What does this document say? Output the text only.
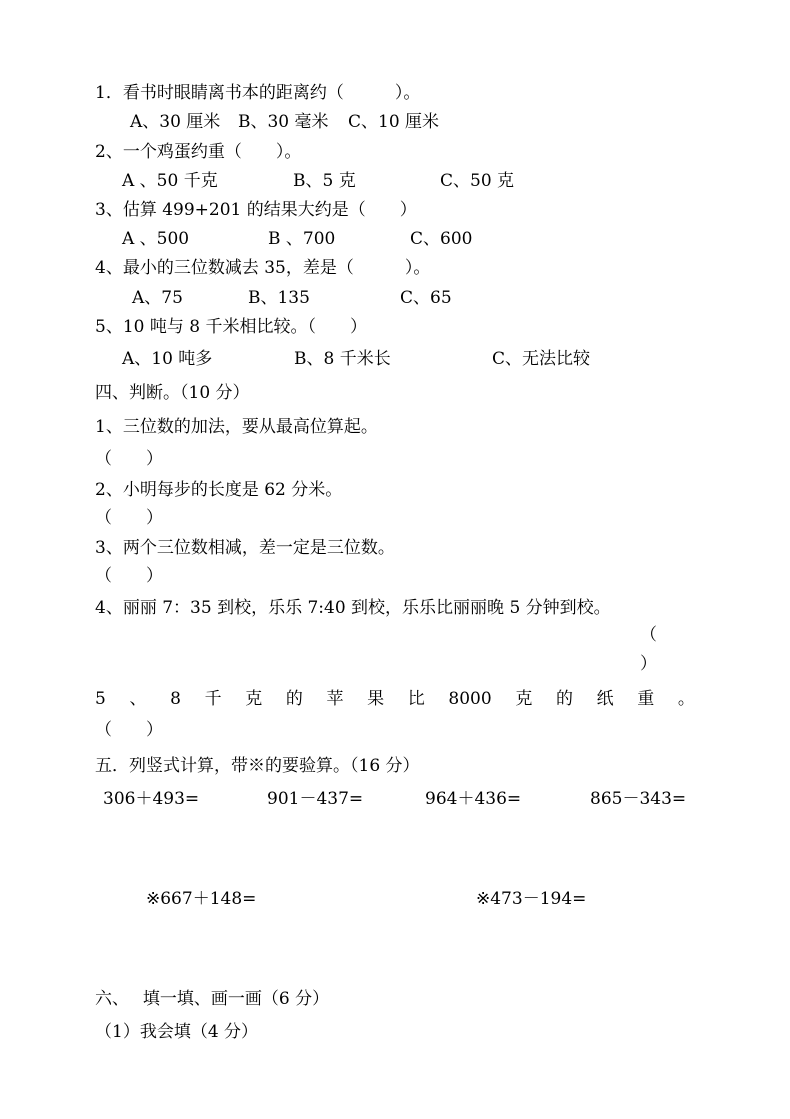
1．看书时眼睛离书本的距离约（　　　）。
A、30 厘米 B、30 毫米 C、10 厘米
2、一个鸡蛋约重（　　）。
A 、50 千克	B、5 克	C、50 克
3、估算 499+201 的结果大约是（　　）
A 、500	B 、700	C、600
4、最小的三位数减去 35，差是（　　　）。
A、75	B、135	C、65
5、10 吨与 8 千米相比较。（　　）
A、10 吨多	B、8 千米长	C、无法比较
四、判断。（10 分）
1、三位数的加法，要从最高位算起。
（　　）
2、小明每步的长度是 62 分米。
（　　）
3、两个三位数相减，差一定是三位数。
（　　）
4、丽丽 7：35 到校，乐乐 7:40 到校，乐乐比丽丽晚 5 分钟到校。
（
）
5 、 8 千 克 的 苹 果 比 8000 克 的 纸 重 。
（　　）
五．列竖式计算，带※的要验算。（16 分）
306＋493=	901－437=	964＋436=	865－343=
※667＋148=	※473－194=
六、　 填一填、画一画（6 分）
（1）我会填（4 分）
